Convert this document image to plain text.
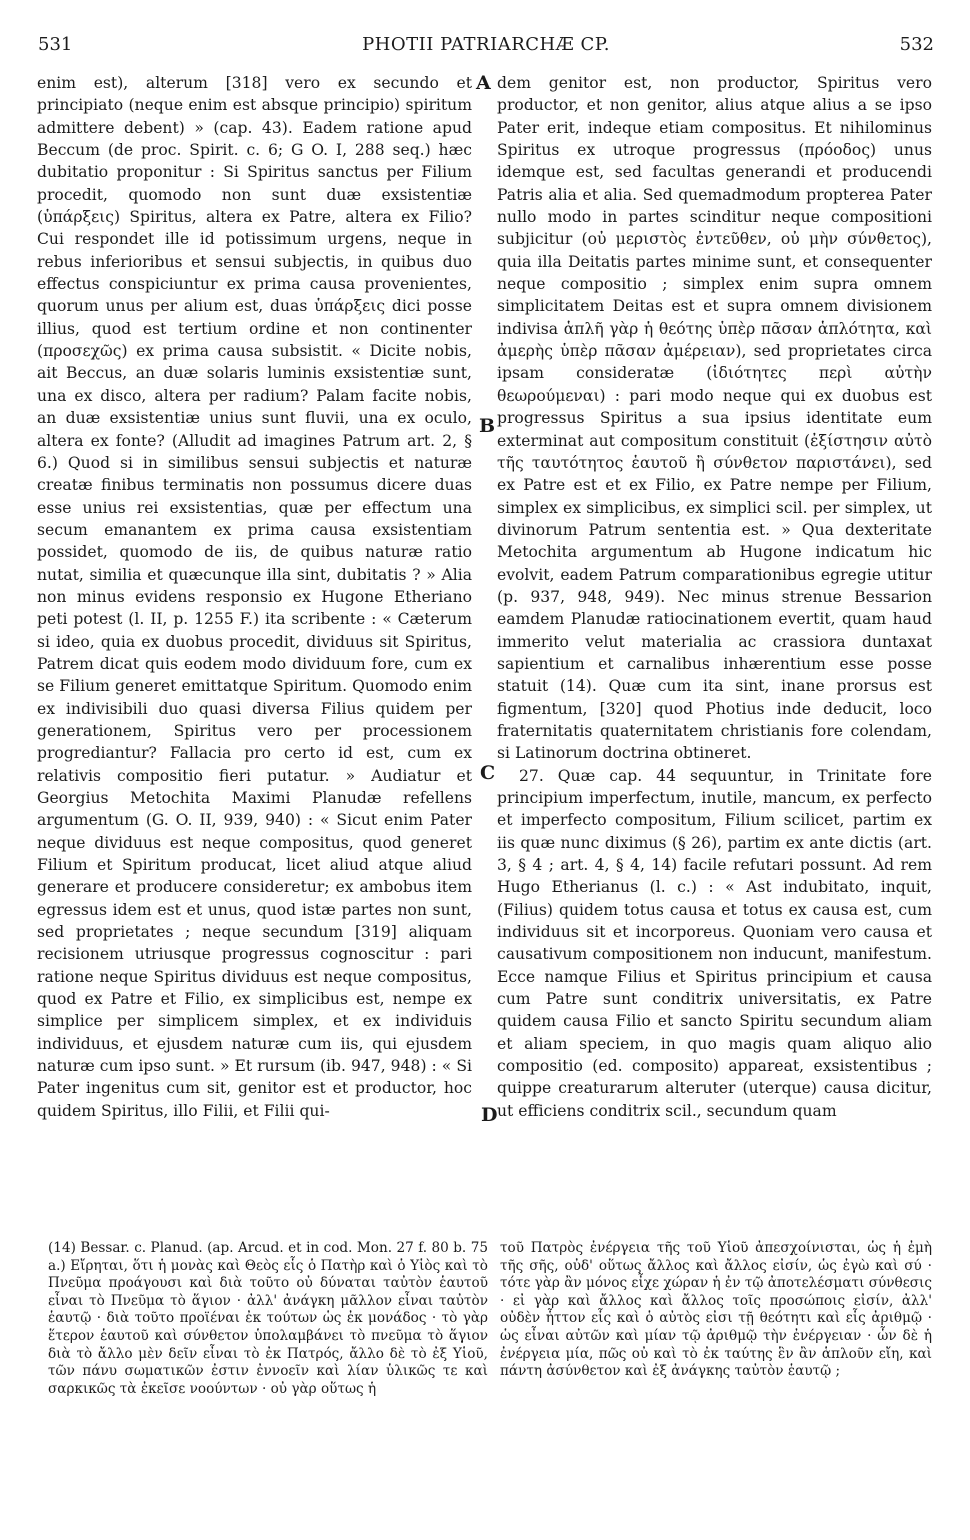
531	PHOTII PATRIARCHÆ CP.	532

enim est), alterum [318] vero ex secundo et principiato (neque enim est absque principio) spiritum admittere debent) » (cap. 43). Eadem ratione apud Beccum (de proc. Spirit. c. 6; G O. I, 288 seq.) hæc dubitatio proponitur : Si Spiritus sanctus per Filium procedit, quomodo non sunt duæ exsistentiæ (ὑπάρξεις) Spiritus, altera ex Patre, altera ex Filio? Cui respondet ille id potissimum urgens, neque in rebus inferioribus et sensui subjectis, in quibus duo effectus conspiciuntur ex prima causa provenientes, quorum unus per alium est, duas ὑπάρξεις dici posse illius, quod est tertium ordine et non continenter (προσεχῶς) ex prima causa subsistit. « Dicite nobis, ait Beccus, an duæ solaris luminis exsistentiæ sunt, una ex disco, altera per radium? Palam facite nobis, an duæ exsistentiæ unius sunt fluvii, una ex oculo, altera ex fonte? (Alludit ad imagines Patrum art. 2, § 6.) Quod si in similibus sensui subjectis et naturæ creatæ finibus terminatis non possumus dicere duas esse unius rei exsistentias, quæ per effectum una secum emanantem ex prima causa exsistentiam possidet, quomodo de iis, de quibus naturæ ratio nutat, similia et quæcunque illa sint, dubitatis ? » Alia non minus evidens responsio ex Hugone Etheriano peti potest (l. II, p. 1255 F.) ita scribente : « Cæterum si ideo, quia ex duobus procedit, dividuus sit Spiritus, Patrem dicat quis eodem modo dividuum fore, cum ex se Filium generet emittatque Spiritum. Quomodo enim ex indivisibili duo quasi diversa Filius quidem per generationem, Spiritus vero per processionem progrediantur? Fallacia pro certo id est, cum ex relativis compositio fieri putatur. » Audiatur et Georgius Metochita Maximi Planudæ refellens argumentum (G. O. II, 939, 940) : « Sicut enim Pater neque dividuus est neque compositus, quod generet Filium et Spiritum producat, licet aliud atque aliud generare et producere consideretur; ex ambobus item egressus idem est et unus, quod istæ partes non sunt, sed proprietates ; neque secundum [319] aliquam recisionem utriusque progressus cognoscitur : pari ratione neque Spiritus dividuus est neque compositus, quod ex Patre et Filio, ex simplicibus est, nempe ex simplice per simplicem simplex, et ex individuis individuus, et ejusdem naturæ cum iis, qui ejusdem naturæ cum ipso sunt. » Et rursum (ib. 947, 948) : « Si Pater ingenitus cum sit, genitor est et productor, hoc quidem Spiritus, illo Filii, et Filii qui-

A
B
C
D

dem genitor est, non productor, Spiritus vero productor, et non genitor, alius atque alius a se ipso Pater erit, indeque etiam compositus. Et nihilominus Spiritus ex utroque progressus (πρόοδος) unus idemque est, sed facultas generandi et producendi Patris alia et alia. Sed quemadmodum propterea Pater nullo modo in partes scinditur neque compositioni subjicitur (οὐ μεριστὸς ἐντεῦθεν, οὐ μὴν σύνθετος), quia illa Deitatis partes minime sunt, et consequenter neque compositio ; simplex enim supra omnem simplicitatem Deitas est et supra omnem divisionem indivisa ἁπλῆ γὰρ ἡ θεότης ὑπὲρ πᾶσαν ἁπλότητα, καὶ ἀμερὴς ὑπὲρ πᾶσαν ἀμέρειαν), sed proprietates circa ipsam consideratæ (ἰδιότητες περὶ αὐτὴν θεωρούμεναι) : pari modo neque qui ex duobus est progressus Spiritus a sua ipsius identitate eum exterminat aut compositum constituit (ἐξίστησιν αὐτὸ τῆς ταυτότητος ἑαυτοῦ ἢ σύνθετον παριστάνει), sed ex Patre est et ex Filio, ex Patre nempe per Filium, simplex ex simplicibus, ex simplici scil. per simplex, ut divinorum Patrum sententia est. » Qua dexteritate Metochita argumentum ab Hugone indicatum hic evolvit, eadem Patrum comparationibus egregie utitur (p. 937, 948, 949). Nec minus strenue Bessarion eamdem Planudæ ratiocinationem evertit, quam haud immerito velut materialia ac crassiora duntaxat sapientium et carnalibus inhærentium esse posse statuit (14). Quæ cum ita sint, inane prorsus est figmentum, [320] quod Photius inde deducit, loco fraternitatis quaternitatem christianis fore colendam, si Latinorum doctrina obtineret.

27. Quæ cap. 44 sequuntur, in Trinitate fore principium imperfectum, inutile, mancum, ex perfecto et imperfecto compositum, Filium scilicet, partim ex iis quæ nunc diximus (§ 26), partim ex ante dictis (art. 3, § 4 ; art. 4, § 4, 14) facile refutari possunt. Ad rem Hugo Etherianus (l. c.) : « Ast indubitato, inquit, (Filius) quidem totus causa et totus ex causa est, cum individuus sit et incorporeus. Quoniam vero causa et causativum compositionem non inducunt, manifestum. Ecce namque Filius et Spiritus principium et causa cum Patre sunt conditrix universitatis, ex Patre quidem causa Filio et sancto Spiritu secundum aliam et aliam speciem, in quo magis quam aliquo alio compositio (ed. composito) appareat, exsistentibus ; quippe creaturarum alteruter (uterque) causa dicitur, ut efficiens conditrix scil., secundum quam

(14) Bessar. c. Planud. (ap. Arcud. et in cod. Mon. 27 f. 80 b. 75 a.) Εἴρηται, ὅτι ἡ μονὰς καὶ Θεὸς εἷς ὁ Πατὴρ καὶ ὁ Υἱὸς καὶ τὸ Πνεῦμα προάγουσι καὶ διὰ τοῦτο οὐ δύναται ταὐτὸν ἑαυτοῦ εἶναι τὸ Πνεῦμα τὸ ἅγιον · ἀλλ' ἀνάγκη μᾶλλον εἶναι ταὐτὸν ἑαυτῷ · διὰ τοῦτο προϊέναι ἐκ τούτων ὡς ἐκ μονάδος · τὸ γὰρ ἕτερον ἑαυτοῦ καὶ σύνθετον ὑπολαμβάνει τὸ πνεῦμα τὸ ἅγιον διὰ τὸ ἄλλο μὲν δεῖν εἶναι τὸ ἐκ Πατρός, ἄλλο δὲ τὸ ἐξ Υἱοῦ, τῶν πάνυ σωματικῶν ἐστιν ἐννοεῖν καὶ λίαν ὑλικῶς τε καὶ σαρκικῶς τὰ ἐκεῖσε νοούντων · οὐ γὰρ οὕτως ἡ

τοῦ Πατρὸς ἐνέργεια τῆς τοῦ Υἱοῦ ἀπεσχοίνισται, ὡς ἡ ἐμὴ τῆς σῆς, οὐδ' οὕτως ἄλλος καὶ ἄλλος εἰσίν, ὡς ἐγὼ καὶ σύ · τότε γὰρ ἂν μόνος εἶχε χώραν ἡ ἐν τῷ ἀποτελέσματι σύνθεσις · εἰ γὰρ καὶ ἄλλος καὶ ἄλλος τοῖς προσώποις εἰσίν, ἀλλ' οὐδὲν ἧττον εἷς καὶ ὁ αὐτὸς εἰσι τῇ θεότητι καὶ εἷς ἀριθμῷ · ὡς εἶναι αὐτῶν καὶ μίαν τῷ ἀριθμῷ τὴν ἐνέργειαν · ὧν δὲ ἡ ἐνέργεια μία, πῶς οὐ καὶ τὸ ἐκ ταύτης ἓν ἂν ἁπλοῦν εἴη, καὶ πάντη ἀσύνθετον καὶ ἐξ ἀνάγκης ταὐτὸν ἑαυτῷ ;
